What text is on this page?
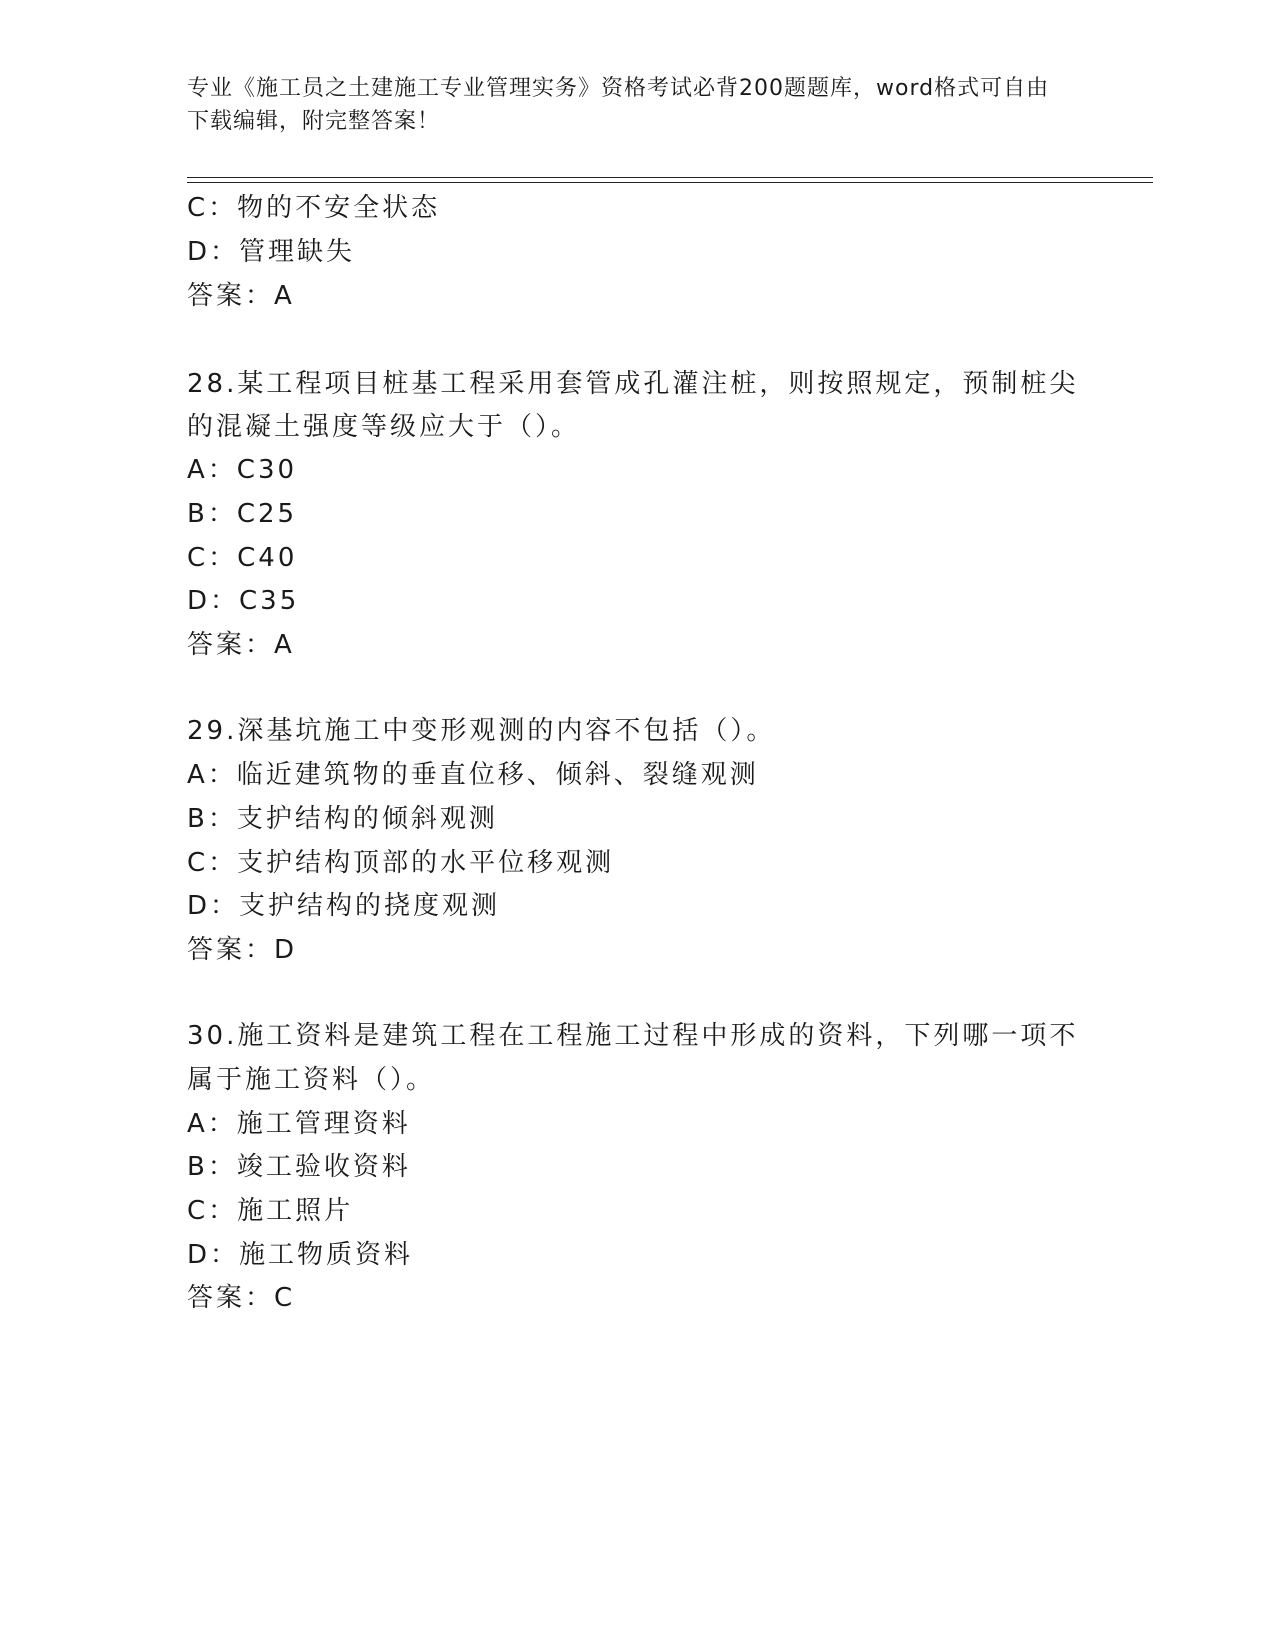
专业《施工员之土建施工专业管理实务》资格考试必背200题题库，word格式可自由下载编辑，附完整答案！
C：物的不安全状态
D：管理缺失
答案：A
28.某工程项目桩基工程采用套管成孔灌注桩，则按照规定，预制桩尖
的混凝土强度等级应大于（）。
A：C30
B：C25
C：C40
D：C35
答案：A
29.深基坑施工中变形观测的内容不包括（）。
A：临近建筑物的垂直位移、倾斜、裂缝观测
B：支护结构的倾斜观测
C：支护结构顶部的水平位移观测
D：支护结构的挠度观测
答案：D
30.施工资料是建筑工程在工程施工过程中形成的资料，下列哪一项不
属于施工资料（）。
A：施工管理资料
B：竣工验收资料
C：施工照片
D：施工物质资料
答案：C
